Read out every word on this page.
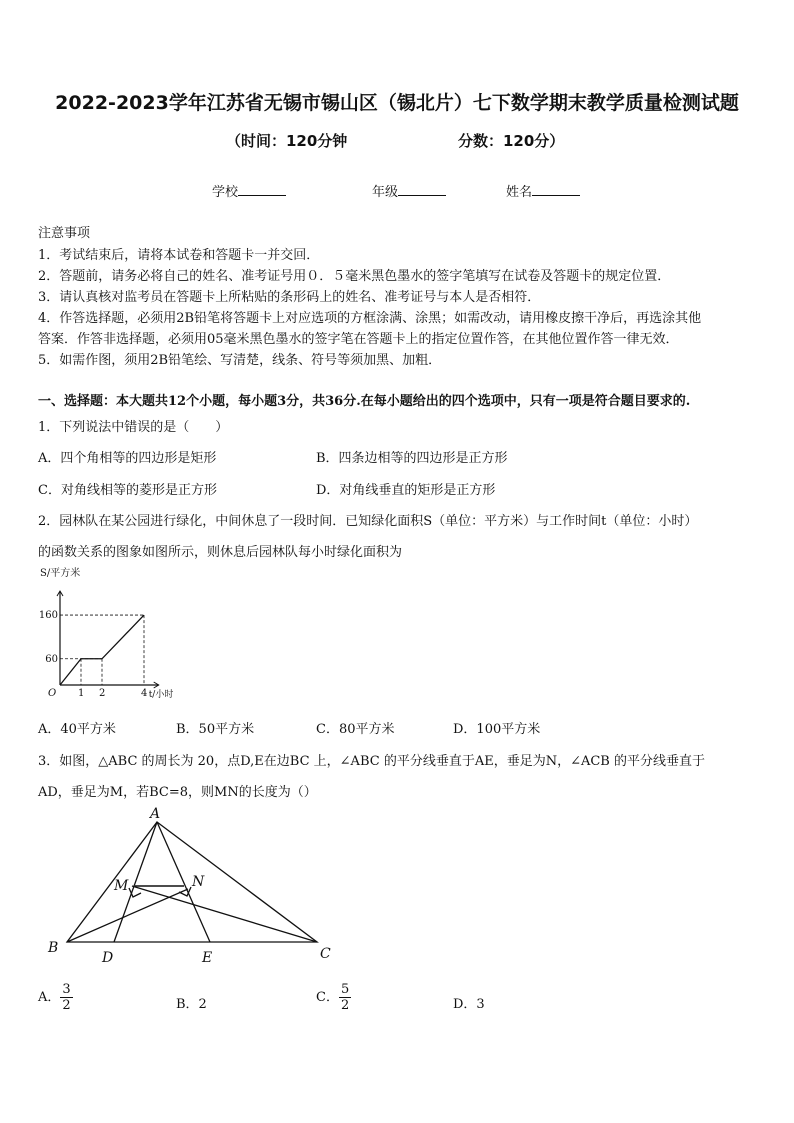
2022-2023学年江苏省无锡市锡山区（锡北片）七下数学期末教学质量检测试题
（时间：120分钟	分数：120分）
学校	年级	姓名
注意事项
1．考试结束后，请将本试卷和答题卡一并交回．
2．答题前，请务必将自己的姓名、准考证号用０．５毫米黑色墨水的签字笔填写在试卷及答题卡的规定位置．
3．请认真核对监考员在答题卡上所粘贴的条形码上的姓名、准考证号与本人是否相符．
4．作答选择题，必须用2B铅笔将答题卡上对应选项的方框涂满、涂黑；如需改动，请用橡皮擦干净后，再选涂其他
答案．作答非选择题，必须用05毫米黑色墨水的签字笔在答题卡上的指定位置作答，在其他位置作答一律无效．
5．如需作图，须用2B铅笔绘、写清楚，线条、符号等须加黑、加粗．
一、选择题：本大题共12个小题，每小题3分，共36分.在每小题给出的四个选项中，只有一项是符合题目要求的.
1．下列说法中错误的是（　　）
A．四个角相等的四边形是矩形	B．四条边相等的四边形是正方形
C．对角线相等的菱形是正方形	D．对角线垂直的矩形是正方形
2．园林队在某公园进行绿化，中间休息了一段时间．已知绿化面积S（单位：平方米）与工作时间t（单位：小时）
的函数关系的图象如图所示，则休息后园林队每小时绿化面积为
1 2	4
60
160
O
S/平方米
t/小时
A．40平方米	B．50平方米	C．80平方米	D．100平方米
3．如图，△ABC 的周长为 20，点D,E在边BC 上，∠ABC 的平分线垂直于AE，垂足为N，∠ACB 的平分线垂直于
AD，垂足为M，若BC=8，则MN的长度为（）
A
B	C
D	E
M	N
A． $\frac{3}{2}$	B．2	C． $\frac{5}{2}$	D．3
